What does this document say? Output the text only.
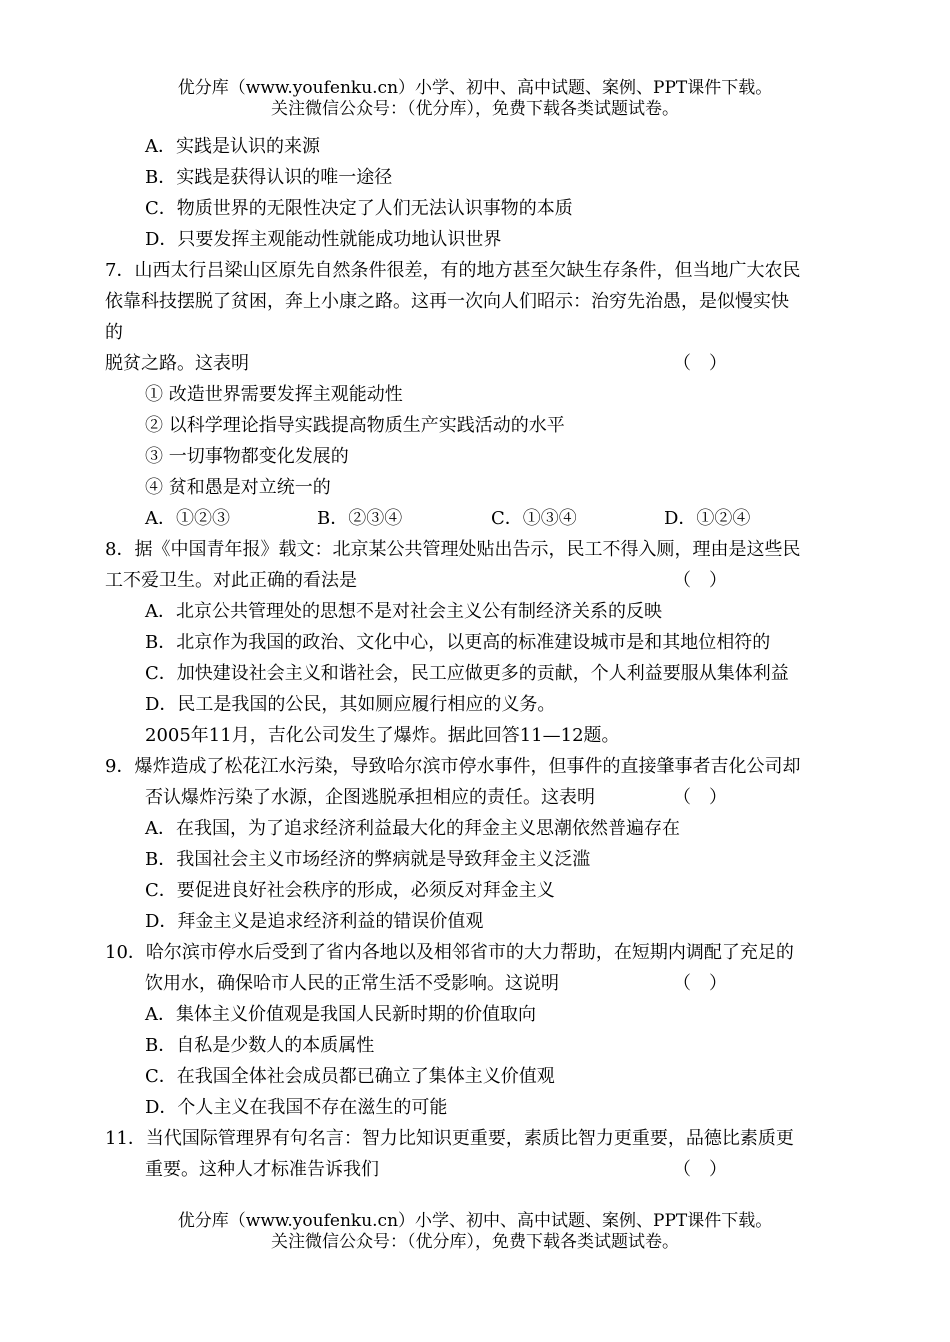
优分库（www.youfenku.cn）小学、初中、高中试题、案例、PPT课件下载。
关注微信公众号：（优分库），免费下载各类试题试卷。
A．实践是认识的来源
B．实践是获得认识的唯一途径
C．物质世界的无限性决定了人们无法认识事物的本质
D．只要发挥主观能动性就能成功地认识世界
7．山西太行吕梁山区原先自然条件很差，有的地方甚至欠缺生存条件，但当地广大农民
依靠科技摆脱了贫困，奔上小康之路。这再一次向人们昭示：治穷先治愚，是似慢实快
的
脱贫之路。这表明	（　）
① 改造世界需要发挥主观能动性
② 以科学理论指导实践提高物质生产实践活动的水平
③ 一切事物都变化发展的
④ 贫和愚是对立统一的
A．①②③	B．②③④	C．①③④	D．①②④
8．据《中国青年报》载文：北京某公共管理处贴出告示，民工不得入厕，理由是这些民
工不爱卫生。对此正确的看法是	（　）
A．北京公共管理处的思想不是对社会主义公有制经济关系的反映
B．北京作为我国的政治、文化中心，以更高的标准建设城市是和其地位相符的
C．加快建设社会主义和谐社会，民工应做更多的贡献，个人利益要服从集体利益
D．民工是我国的公民，其如厕应履行相应的义务。
2005年11月，吉化公司发生了爆炸。据此回答11—12题。
9．爆炸造成了松花江水污染，导致哈尔滨市停水事件，但事件的直接肇事者吉化公司却
否认爆炸污染了水源，企图逃脱承担相应的责任。这表明	（　）
A．在我国，为了追求经济利益最大化的拜金主义思潮依然普遍存在
B．我国社会主义市场经济的弊病就是导致拜金主义泛滥
C．要促进良好社会秩序的形成，必须反对拜金主义
D．拜金主义是追求经济利益的错误价值观
10．哈尔滨市停水后受到了省内各地以及相邻省市的大力帮助，在短期内调配了充足的
饮用水，确保哈市人民的正常生活不受影响。这说明	（　）
A．集体主义价值观是我国人民新时期的价值取向
B．自私是少数人的本质属性
C．在我国全体社会成员都已确立了集体主义价值观
D．个人主义在我国不存在滋生的可能
11．当代国际管理界有句名言：智力比知识更重要，素质比智力更重要，品德比素质更
重要。这种人才标准告诉我们	（　）
优分库（www.youfenku.cn）小学、初中、高中试题、案例、PPT课件下载。
关注微信公众号：（优分库），免费下载各类试题试卷。
